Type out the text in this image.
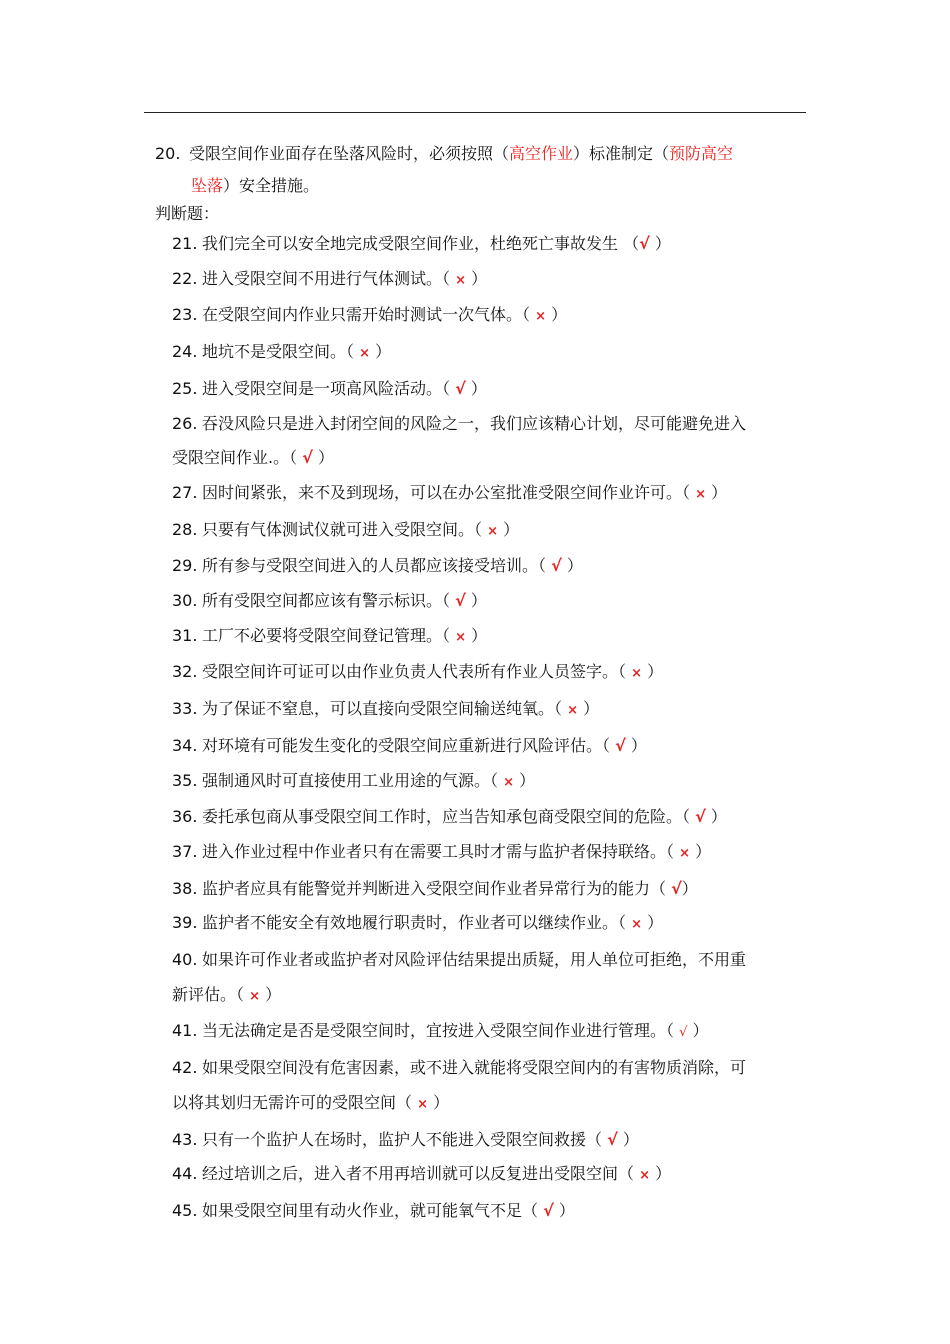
20. 受限空间作业面存在坠落风险时，必须按照（高空作业）标准制定（预防高空
坠落）安全措施。
判断题：
21. 我们完全可以安全地完成受限空间作业，杜绝死亡事故发生 （√ ）
22. 进入受限空间不用进行气体测试。（ × ）
23. 在受限空间内作业只需开始时测试一次气体。（ × ）
24. 地坑不是受限空间。（ × ）
25. 进入受限空间是一项高风险活动。（ √ ）
26. 吞没风险只是进入封闭空间的风险之一，我们应该精心计划，尽可能避免进入
受限空间作业.。（ √ ）
27. 因时间紧张，来不及到现场，可以在办公室批准受限空间作业许可。（ × ）
28. 只要有气体测试仪就可进入受限空间。（ × ）
29. 所有参与受限空间进入的人员都应该接受培训。（ √ ）
30. 所有受限空间都应该有警示标识。（ √ ）
31. 工厂不必要将受限空间登记管理。（ × ）
32. 受限空间许可证可以由作业负责人代表所有作业人员签字。（ × ）
33. 为了保证不窒息，可以直接向受限空间输送纯氧。（ × ）
34. 对环境有可能发生变化的受限空间应重新进行风险评估。（ √ ）
35. 强制通风时可直接使用工业用途的气源。（ × ）
36. 委托承包商从事受限空间工作时，应当告知承包商受限空间的危险。（ √ ）
37. 进入作业过程中作业者只有在需要工具时才需与监护者保持联络。（ × ）
38. 监护者应具有能警觉并判断进入受限空间作业者异常行为的能力（ √）
39. 监护者不能安全有效地履行职责时，作业者可以继续作业。（ × ）
40. 如果许可作业者或监护者对风险评估结果提出质疑，用人单位可拒绝，不用重
新评估。（ × ）
41. 当无法确定是否是受限空间时，宜按进入受限空间作业进行管理。（ √ ）
42. 如果受限空间没有危害因素，或不进入就能将受限空间内的有害物质消除，可
以将其划归无需许可的受限空间（ × ）
43. 只有一个监护人在场时，监护人不能进入受限空间救援（ √ ）
44. 经过培训之后，进入者不用再培训就可以反复进出受限空间（ × ）
45. 如果受限空间里有动火作业，就可能氧气不足（ √ ）
